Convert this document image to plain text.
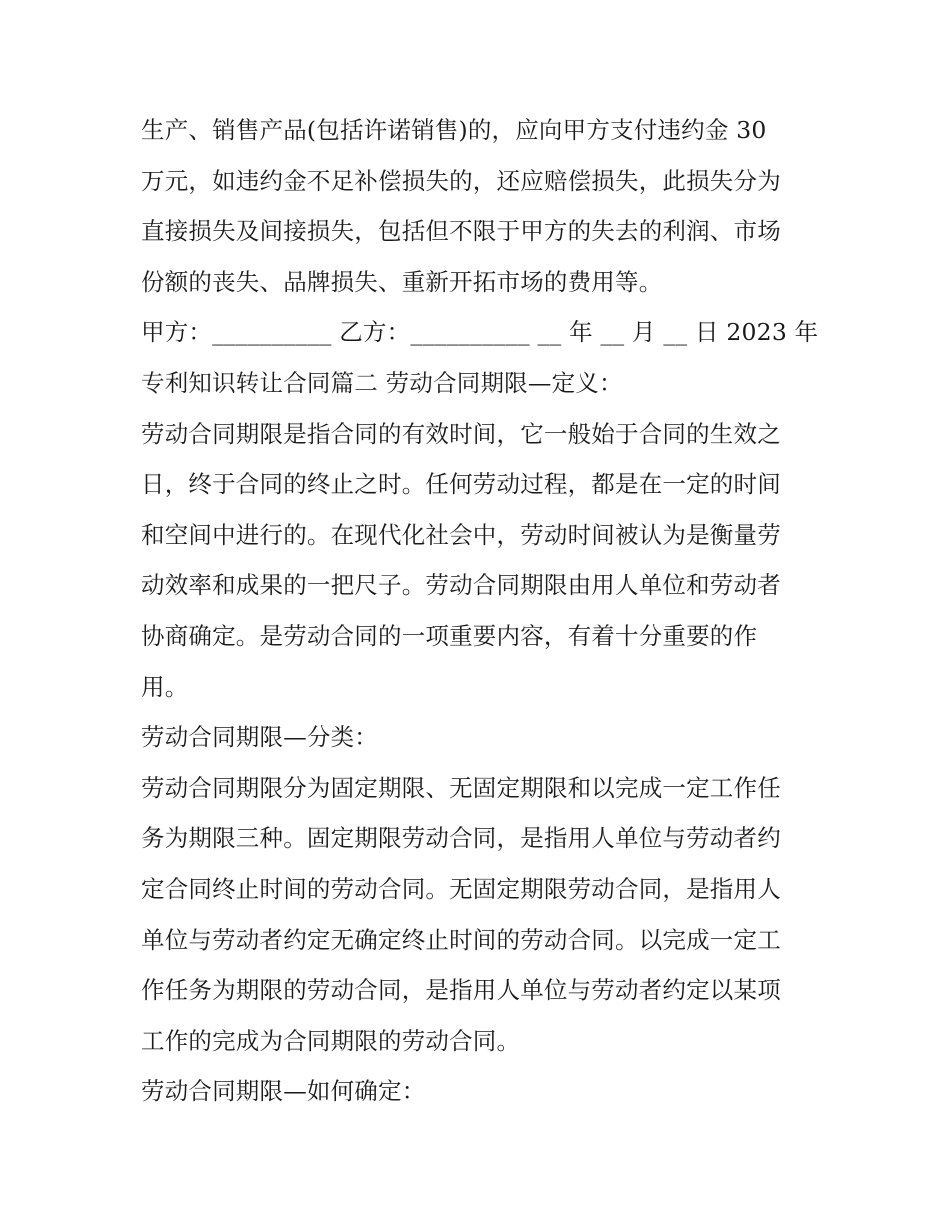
生产、销售产品(包括许诺销售)的，应向甲方支付违约金 30
万元，如违约金不足补偿损失的，还应赔偿损失，此损失分为
直接损失及间接损失，包括但不限于甲方的失去的利润、市场
份额的丧失、品牌损失、重新开拓市场的费用等。
甲方：__________ 乙方：__________ __ 年 __ 月 __ 日 2023 年
专利知识转让合同篇二 劳动合同期限—定义：
劳动合同期限是指合同的有效时间，它一般始于合同的生效之
日，终于合同的终止之时。任何劳动过程，都是在一定的时间
和空间中进行的。在现代化社会中，劳动时间被认为是衡量劳
动效率和成果的一把尺子。劳动合同期限由用人单位和劳动者
协商确定。是劳动合同的一项重要内容，有着十分重要的作
用。
劳动合同期限—分类：
劳动合同期限分为固定期限、无固定期限和以完成一定工作任
务为期限三种。固定期限劳动合同，是指用人单位与劳动者约
定合同终止时间的劳动合同。无固定期限劳动合同，是指用人
单位与劳动者约定无确定终止时间的劳动合同。以完成一定工
作任务为期限的劳动合同，是指用人单位与劳动者约定以某项
工作的完成为合同期限的劳动合同。
劳动合同期限—如何确定：
